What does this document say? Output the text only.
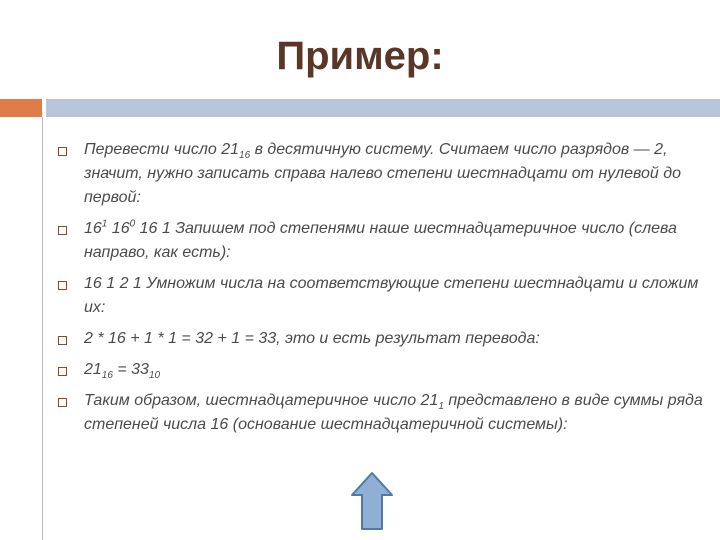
Пример:
Перевести число $21_{16}$ в десятичную систему. Считаем число разрядов — 2, значит, нужно записать справа налево степени шестнадцати от нулевой до первой:
$16^1$ $16^0$ 16 1 Запишем под степенями наше шестнадцатеричное число (слева направо, как есть):
16 1 2 1 Умножим числа на соответствующие степени шестнадцати и сложим их:
2 * 16 + 1 * 1 = 32 + 1 = 33, это и есть результат перевода:
$21_{16} = 33_{10}$
Таким образом, шестнадцатеричное число $21_1$ представлено в виде суммы ряда степеней числа 16 (основание шестнадцатеричной системы):
